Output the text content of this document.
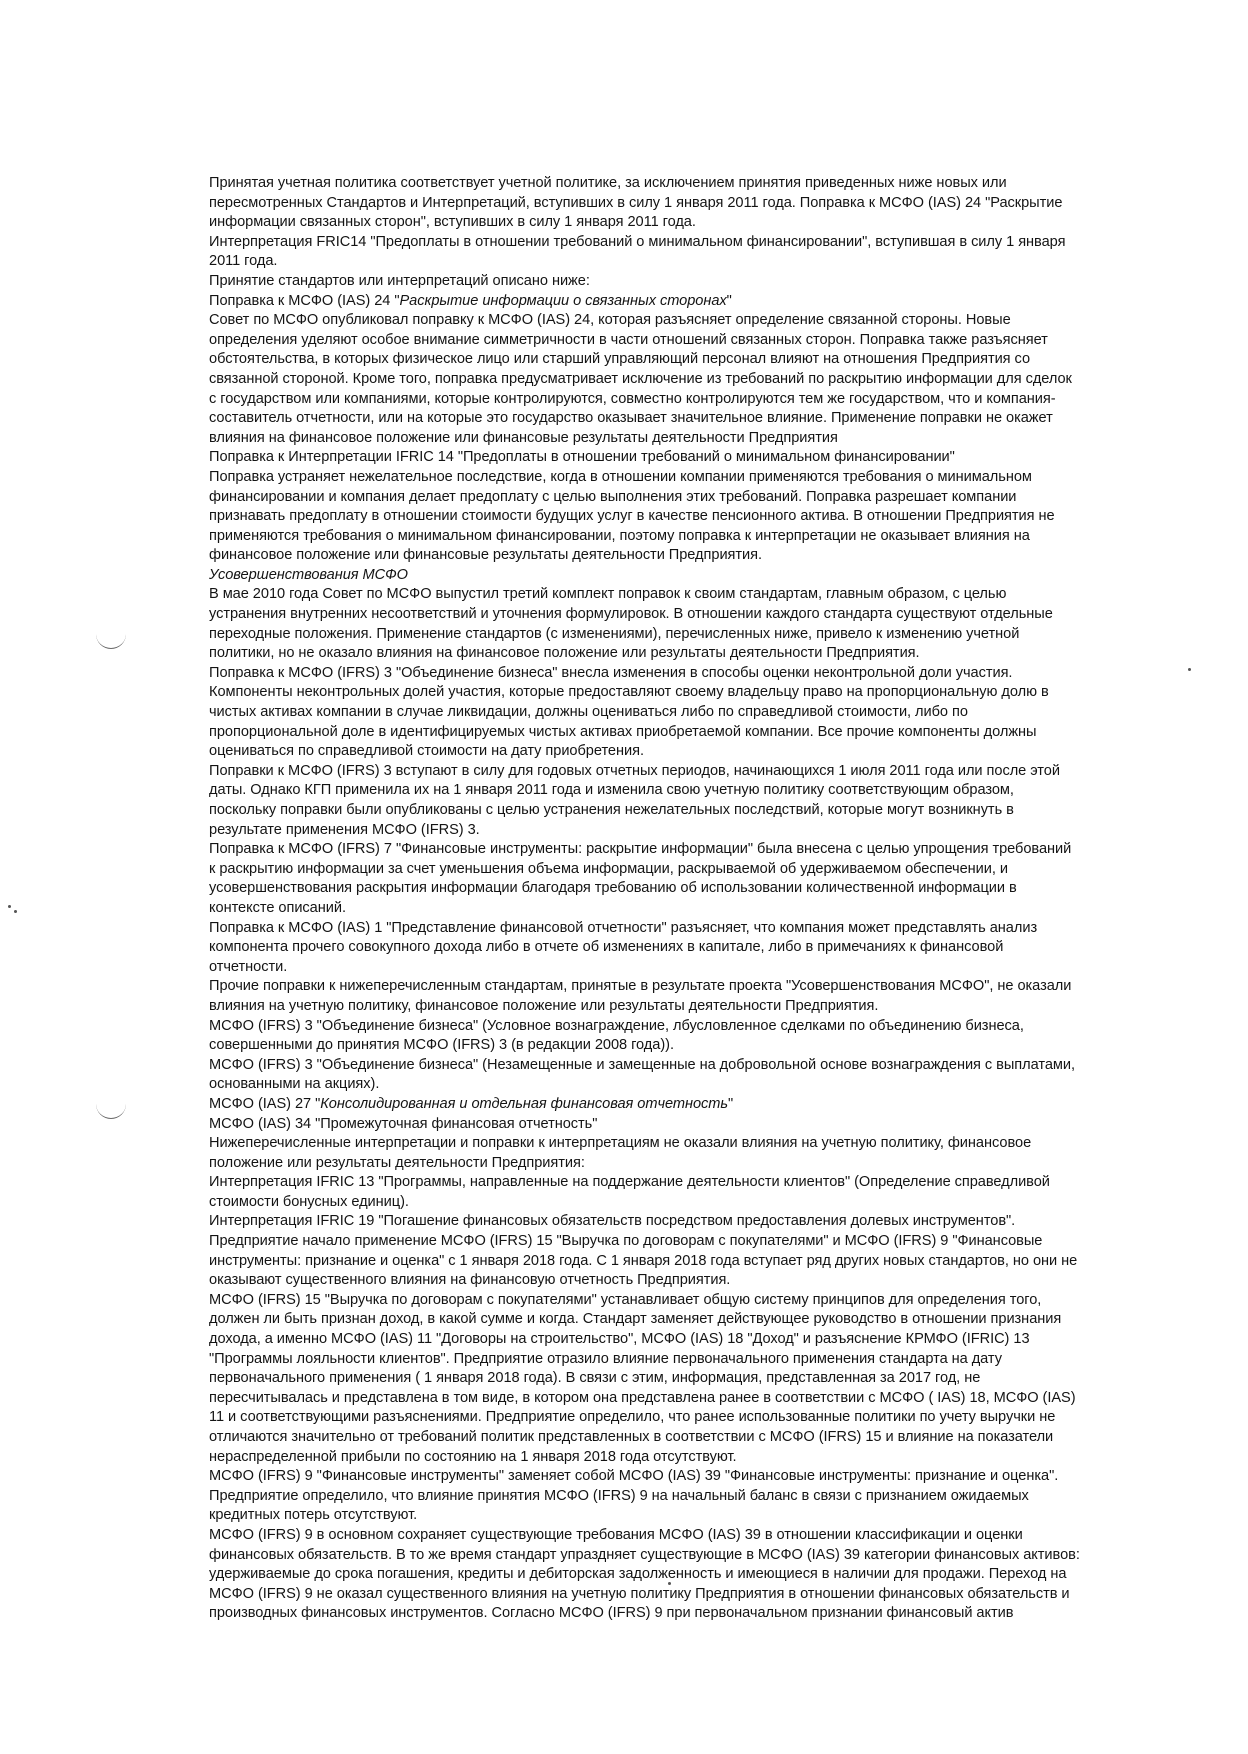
Принятая учетная политика соответствует учетной политике, за исключением принятия приведенных ниже новых или
пересмотренных Стандартов и Интерпретаций, вступивших в силу 1 января 2011 года. Поправка к МСФО (IAS) 24 "Раскрытие
информации связанных сторон", вступивших в силу 1 января 2011 года.
Интерпретация FRIC14 "Предоплаты в отношении требований о минимальном финансировании", вступившая в силу 1 января
2011 года.
Принятие стандартов или интерпретаций описано ниже:
Поправка к МСФО (IAS) 24 "Раскрытие информации о связанных сторонах"
Совет по МСФО опубликовал поправку к МСФО (IAS) 24, которая разъясняет определение связанной стороны. Новые
определения уделяют особое внимание симметричности в части отношений связанных сторон. Поправка также разъясняет
обстоятельства, в которых физическое лицо или старший управляющий персонал влияют на отношения Предприятия со
связанной стороной. Кроме того, поправка предусматривает исключение из требований по раскрытию информации для сделок
с государством или компаниями, которые контролируются, совместно контролируются тем же государством, что и компания-
составитель отчетности, или на которые это государство оказывает значительное влияние. Применение поправки не окажет
влияния на финансовое положение или финансовые результаты деятельности Предприятия
Поправка к Интерпретации IFRIC 14 "Предоплаты в отношении требований о минимальном финансировании"
Поправка устраняет нежелательное последствие, когда в отношении компании применяются требования о минимальном
финансировании и компания делает предоплату с целью выполнения этих требований. Поправка разрешает компании
признавать предоплату в отношении стоимости будущих услуг в качестве пенсионного актива. В отношении Предприятия не
применяются требования о минимальном финансировании, поэтому поправка к интерпретации не оказывает влияния на
финансовое положение или финансовые результаты деятельности Предприятия.
Усовершенствования МСФО
В мае 2010 года Совет по МСФО выпустил третий комплект поправок к своим стандартам, главным образом, с целью
устранения внутренних несоответствий и уточнения формулировок. В отношении каждого стандарта существуют отдельные
переходные положения. Применение стандартов (с изменениями), перечисленных ниже, привело к изменению учетной
политики, но не оказало влияния на финансовое положение или результаты деятельности Предприятия.
Поправка к МСФО (IFRS) 3 "Объединение бизнеса" внесла изменения в способы оценки неконтрольной доли участия.
Компоненты неконтрольных долей участия, которые предоставляют своему владельцу право на пропорциональную долю в
чистых активах компании в случае ликвидации, должны оцениваться либо по справедливой стоимости, либо по
пропорциональной доле в идентифицируемых чистых активах приобретаемой компании. Все прочие компоненты должны
оцениваться по справедливой стоимости на дату приобретения.
Поправки к МСФО (IFRS) 3 вступают в силу для годовых отчетных периодов, начинающихся 1 июля 2011 года или после этой
даты. Однако КГП применила их на 1 января 2011 года и изменила свою учетную политику соответствующим образом,
поскольку поправки были опубликованы с целью устранения нежелательных последствий, которые могут возникнуть в
результате применения МСФО (IFRS) 3.
Поправка к МСФО (IFRS) 7 "Финансовые инструменты: раскрытие информации" была внесена с целью упрощения требований
к раскрытию информации за счет уменьшения объема информации, раскрываемой об удерживаемом обеспечении, и
усовершенствования раскрытия информации благодаря требованию об использовании количественной информации в
контексте описаний.
Поправка к МСФО (IAS) 1 "Представление финансовой отчетности" разъясняет, что компания может представлять анализ
компонента прочего совокупного дохода либо в отчете об изменениях в капитале, либо в примечаниях к финансовой
отчетности.
Прочие поправки к нижеперечисленным стандартам, принятые в результате проекта "Усовершенствования МСФО", не оказали
влияния на учетную политику, финансовое положение или результаты деятельности Предприятия.
МСФО (IFRS) 3 "Объединение бизнеса" (Условное вознаграждение, лбусловленное сделками по объединению бизнеса,
совершенными до принятия МСФО (IFRS) 3 (в редакции 2008 года)).
МСФО (IFRS) 3 "Объединение бизнеса" (Незамещенные и замещенные на добровольной основе вознаграждения с выплатами,
основанными на акциях).
МСФО (IAS) 27 "Консолидированная и отдельная финансовая отчетность"
МСФО (IAS) 34 "Промежуточная финансовая отчетность"
Нижеперечисленные интерпретации и поправки к интерпретациям не оказали влияния на учетную политику, финансовое
положение или результаты деятельности Предприятия:
Интерпретация IFRIC 13 "Программы, направленные на поддержание деятельности клиентов" (Определение справедливой
стоимости бонусных единиц).
Интерпретация IFRIC 19 "Погашение финансовых обязательств посредством предоставления долевых инструментов".
Предприятие начало применение МСФО (IFRS) 15 "Выручка по договорам с покупателями" и МСФО (IFRS) 9 "Финансовые
инструменты: признание и оценка" с 1 января 2018 года. С 1 января 2018 года вступает ряд других новых стандартов, но они не
оказывают существенного влияния на финансовую отчетность Предприятия.
МСФО (IFRS) 15 "Выручка по договорам с покупателями" устанавливает общую систему принципов для определения того,
должен ли быть признан доход, в какой сумме и когда. Стандарт заменяет действующее руководство в отношении признания
дохода, а именно МСФО (IAS) 11 "Договоры на строительство", МСФО (IAS) 18 "Доход" и разъяснение КРМФО (IFRIC) 13
"Программы лояльности клиентов". Предприятие отразило влияние первоначального применения стандарта на дату
первоначального применения ( 1 января 2018 года). В связи с этим, информация, представленная за 2017 год, не
пересчитывалась и представлена в том виде, в котором она представлена ранее в соответствии с МСФО ( IAS) 18, МСФО (IAS)
11 и соответствующими разъяснениями. Предприятие определило, что ранее использованные политики по учету выручки не
отличаются значительно от требований политик представленных в соответствии с МСФО (IFRS) 15 и влияние на показатели
нераспределенной прибыли по состоянию на 1 января 2018 года отсутствуют.
МСФО (IFRS) 9 "Финансовые инструменты" заменяет собой МСФО (IAS) 39 "Финансовые инструменты: признание и оценка".
Предприятие определило, что влияние принятия МСФО (IFRS) 9 на начальный баланс в связи с признанием ожидаемых
кредитных потерь отсутствуют.
МСФО (IFRS) 9 в основном сохраняет существующие требования МСФО (IAS) 39 в отношении классификации и оценки
финансовых обязательств. В то же время стандарт упраздняет существующие в МСФО (IAS) 39 категории финансовых активов:
удерживаемые до срока погашения, кредиты и дебиторская задолженность и имеющиеся в наличии для продажи. Переход на
МСФО (IFRS) 9 не оказал существенного влияния на учетную политику Предприятия в отношении финансовых обязательств и
производных финансовых инструментов. Согласно МСФО (IFRS) 9 при первоначальном признании финансовый актив
